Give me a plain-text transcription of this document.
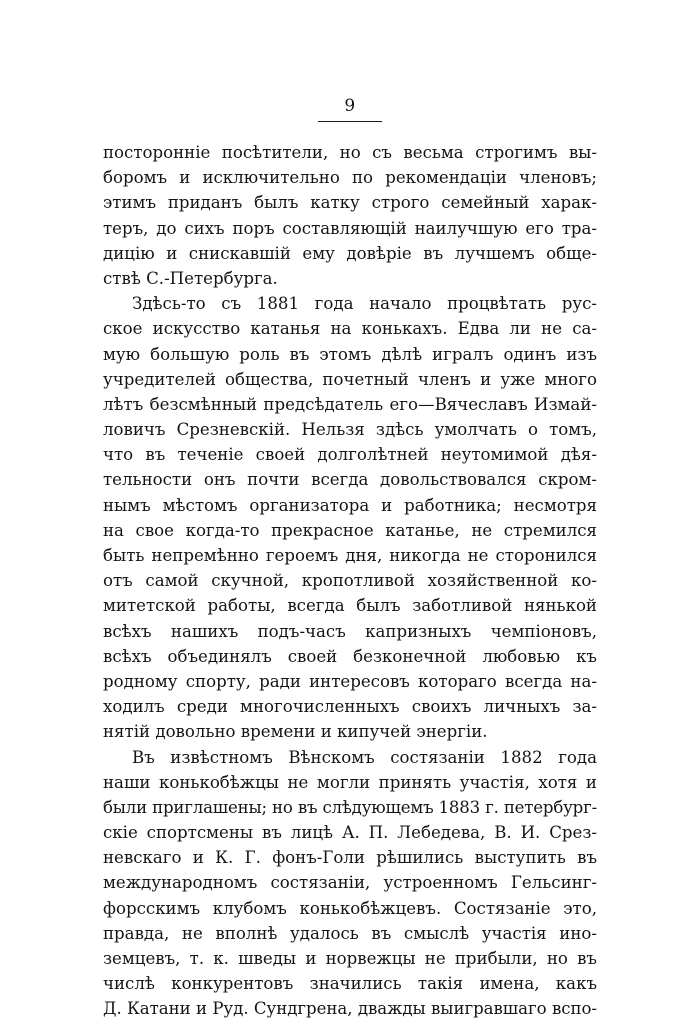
9
посторонніе посѣтители, но съ весьма строгимъ вы-
боромъ и исключительно по рекомендаціи членовъ;
этимъ приданъ былъ катку строго семейный харак-
теръ, до сихъ поръ составляющій наилучшую его тра-
дицію и снискавшій ему довѣріе въ лучшемъ обще-
ствѣ С.-Петербурга.
Здѣсь-то съ 1881 года начало процвѣтать рус-
ское искусство катанья на конькахъ. Едва ли не са-
мую большую роль въ этомъ дѣлѣ игралъ одинъ изъ
учредителей общества, почетный членъ и уже много
лѣтъ безсмѣнный предсѣдатель его—Вячеславъ Измай-
ловичъ Срезневскій. Нельзя здѣсь умолчать о томъ,
что въ теченіе своей долголѣтней неутомимой дѣя-
тельности онъ почти всегда довольствовался скром-
нымъ мѣстомъ организатора и работника; несмотря
на свое когда-то прекрасное катанье, не стремился
быть непремѣнно героемъ дня, никогда не сторонился
отъ самой скучной, кропотливой хозяйственной ко-
митетской работы, всегда былъ заботливой нянькой
всѣхъ нашихъ подъ-часъ капризныхъ чемпіоновъ,
всѣхъ объединялъ своей безконечной любовью къ
родному спорту, ради интересовъ котораго всегда на-
ходилъ среди многочисленныхъ своихъ личныхъ за-
нятій довольно времени и кипучей энергіи.
Въ извѣстномъ Вѣнскомъ состязаніи 1882 года
наши конькобѣжцы не могли принять участія, хотя и
были приглашены; но въ слѣдующемъ 1883 г. петербург-
скіе спортсмены въ лицѣ А. П. Лебедева, В. И. Срез-
невскаго и К. Г. фонъ-Голи рѣшились выступить въ
международномъ состязаніи, устроенномъ Гельсинг-
форсскимъ клубомъ конькобѣжцевъ. Состязаніе это,
правда, не вполнѣ удалось въ смыслѣ участія ино-
земцевъ, т. к. шведы и норвежцы не прибыли, но въ
числѣ конкурентовъ значились такія имена, какъ
Д. Катани и Руд. Сундгрена, дважды выигравшаго вспо-
